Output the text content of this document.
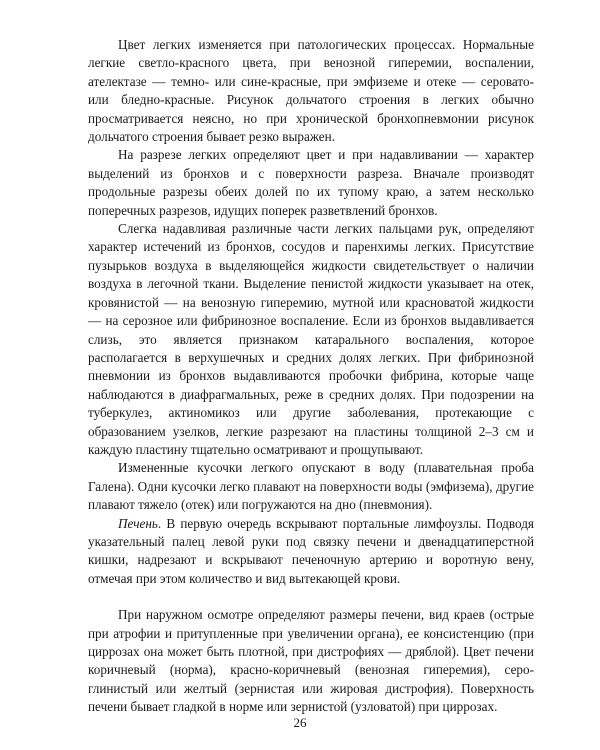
Цвет легких изменяется при патологических процессах. Нормальные легкие светло-красного цвета, при венозной гиперемии, воспалении, ателектазе — темно- или сине-красные, при эмфиземе и отеке — серовато- или бледно-красные. Рисунок дольчатого строения в легких обычно просматривается неясно, но при хронической бронхопневмонии рисунок дольчатого строения бывает резко выражен.

На разрезе легких определяют цвет и при надавливании — характер выделений из бронхов и с поверхности разреза. Вначале производят продольные разрезы обеих долей по их тупому краю, а затем несколько поперечных разрезов, идущих поперек разветвлений бронхов.

Слегка надавливая различные части легких пальцами рук, определяют характер истечений из бронхов, сосудов и паренхимы легких. Присутствие пузырьков воздуха в выделяющейся жидкости свидетельствует о наличии воздуха в легочной ткани. Выделение пенистой жидкости указывает на отек, кровянистой — на венозную гиперемию, мутной или красноватой жидкости — на серозное или фибринозное воспаление. Если из бронхов выдавливается слизь, это является признаком катарального воспаления, которое располагается в верхушечных и средних долях легких. При фибринозной пневмонии из бронхов выдавливаются пробочки фибрина, которые чаще наблюдаются в диафрагмальных, реже в средних долях. При подозрении на туберкулез, актиномикоз или другие заболевания, протекающие с образованием узелков, легкие разрезают на пластины толщиной 2–3 см и каждую пластину тщательно осматривают и прощупывают.

Измененные кусочки легкого опускают в воду (плавательная проба Галена). Одни кусочки легко плавают на поверхности воды (эмфизема), другие плавают тяжело (отек) или погружаются на дно (пневмония).

Печень. В первую очередь вскрывают портальные лимфоузлы. Подводя указательный палец левой руки под связку печени и двенадцатиперстной кишки, надрезают и вскрывают печеночную артерию и воротную вену, отмечая при этом количество и вид вытекающей крови.

При наружном осмотре определяют размеры печени, вид краев (острые при атрофии и притупленные при увеличении органа), ее консистенцию (при циррозах она может быть плотной, при дистрофиях — дряблой). Цвет печени коричневый (норма), красно-коричневый (венозная гиперемия), серо-глинистый или желтый (зернистая или жировая дистрофия). Поверхность печени бывает гладкой в норме или зернистой (узловатой) при циррозах.

26
